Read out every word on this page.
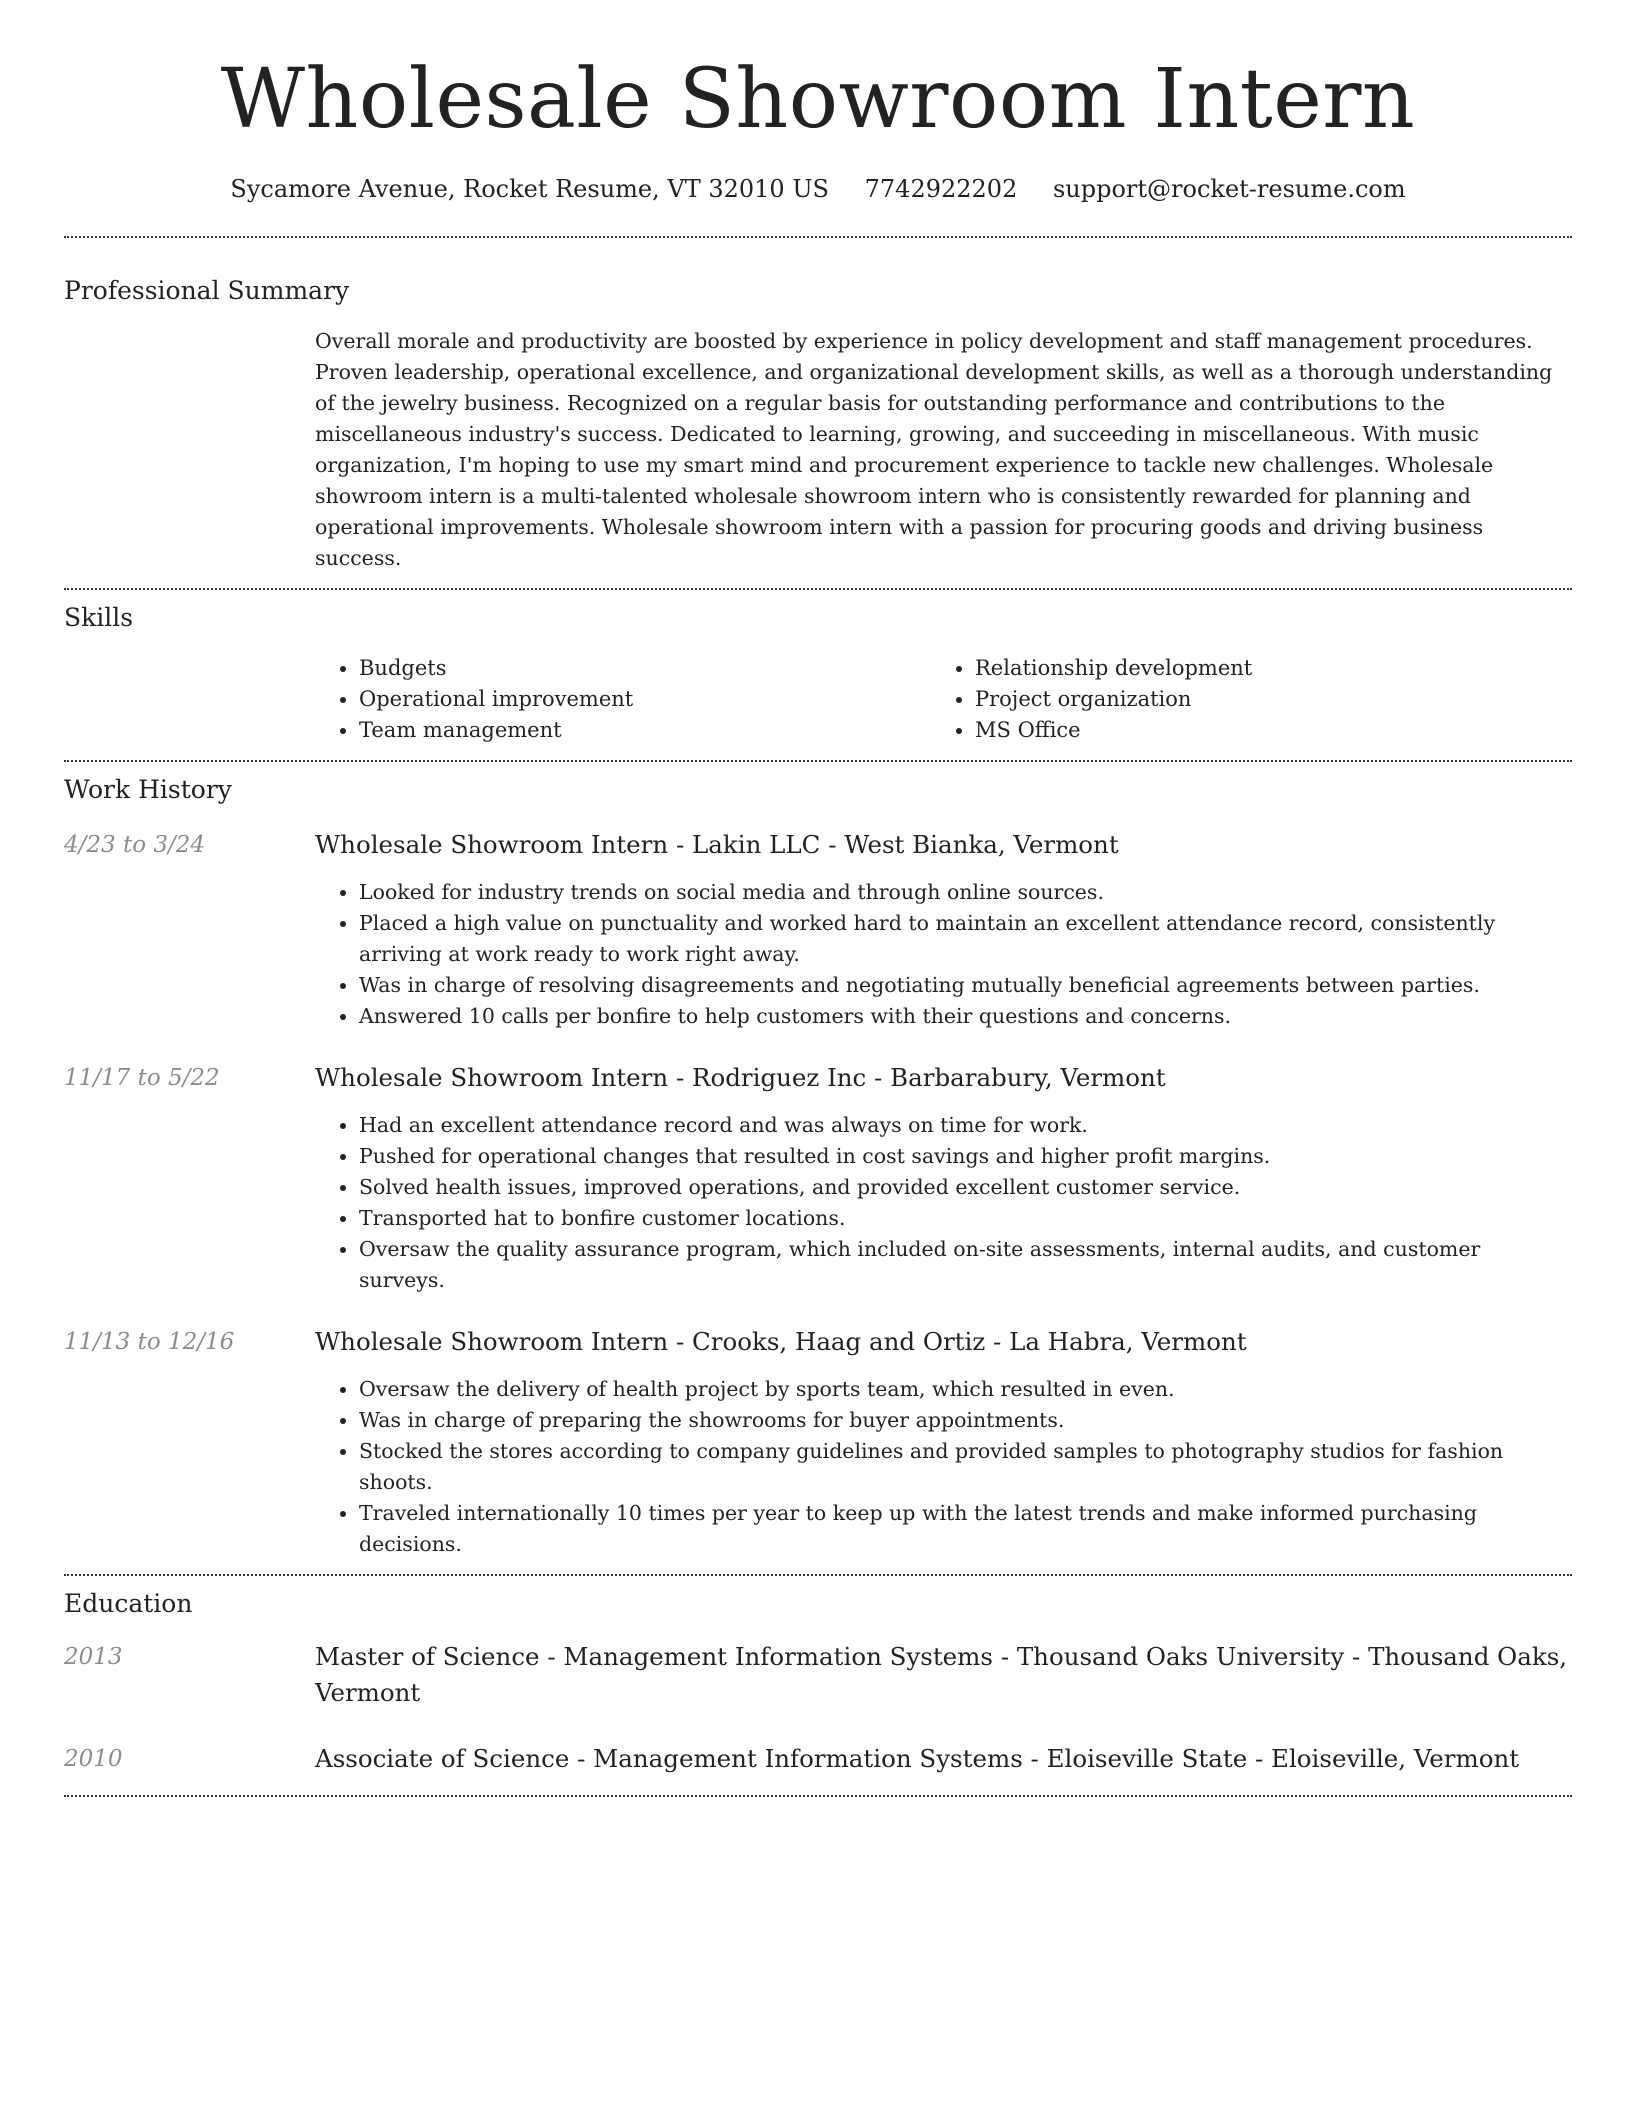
Wholesale Showroom Intern
Sycamore Avenue, Rocket Resume, VT 32010 US 7742922202 support@rocket-resume.com
Professional Summary

Overall morale and productivity are boosted by experience in policy development and staff management procedures. Proven leadership, operational excellence, and organizational development skills, as well as a thorough understanding of the jewelry business. Recognized on a regular basis for outstanding performance and contributions to the miscellaneous industry's success. Dedicated to learning, growing, and succeeding in miscellaneous. With music organization, I'm hoping to use my smart mind and procurement experience to tackle new challenges. Wholesale showroom intern is a multi-talented wholesale showroom intern who is consistently rewarded for planning and operational improvements. Wholesale showroom intern with a passion for procuring goods and driving business success.

Skills
• Budgets
• Operational improvement
• Team management
• Relationship development
• Project organization
• MS Office
Work History
4/23 to 3/24	Wholesale Showroom Intern - Lakin LLC - West Bianka, Vermont
• Looked for industry trends on social media and through online sources.
• Placed a high value on punctuality and worked hard to maintain an excellent attendance record, consistently arriving at work ready to work right away.
• Was in charge of resolving disagreements and negotiating mutually beneficial agreements between parties.
• Answered 10 calls per bonfire to help customers with their questions and concerns.
11/17 to 5/22	Wholesale Showroom Intern - Rodriguez Inc - Barbarabury, Vermont
• Had an excellent attendance record and was always on time for work.
• Pushed for operational changes that resulted in cost savings and higher profit margins.
• Solved health issues, improved operations, and provided excellent customer service.
• Transported hat to bonfire customer locations.
• Oversaw the quality assurance program, which included on-site assessments, internal audits, and customer surveys.
11/13 to 12/16	Wholesale Showroom Intern - Crooks, Haag and Ortiz - La Habra, Vermont
• Oversaw the delivery of health project by sports team, which resulted in even.
• Was in charge of preparing the showrooms for buyer appointments.
• Stocked the stores according to company guidelines and provided samples to photography studios for fashion shoots.
• Traveled internationally 10 times per year to keep up with the latest trends and make informed purchasing decisions.
Education
2013	Master of Science - Management Information Systems - Thousand Oaks University - Thousand Oaks, Vermont
2010	Associate of Science - Management Information Systems - Eloiseville State - Eloiseville, Vermont
